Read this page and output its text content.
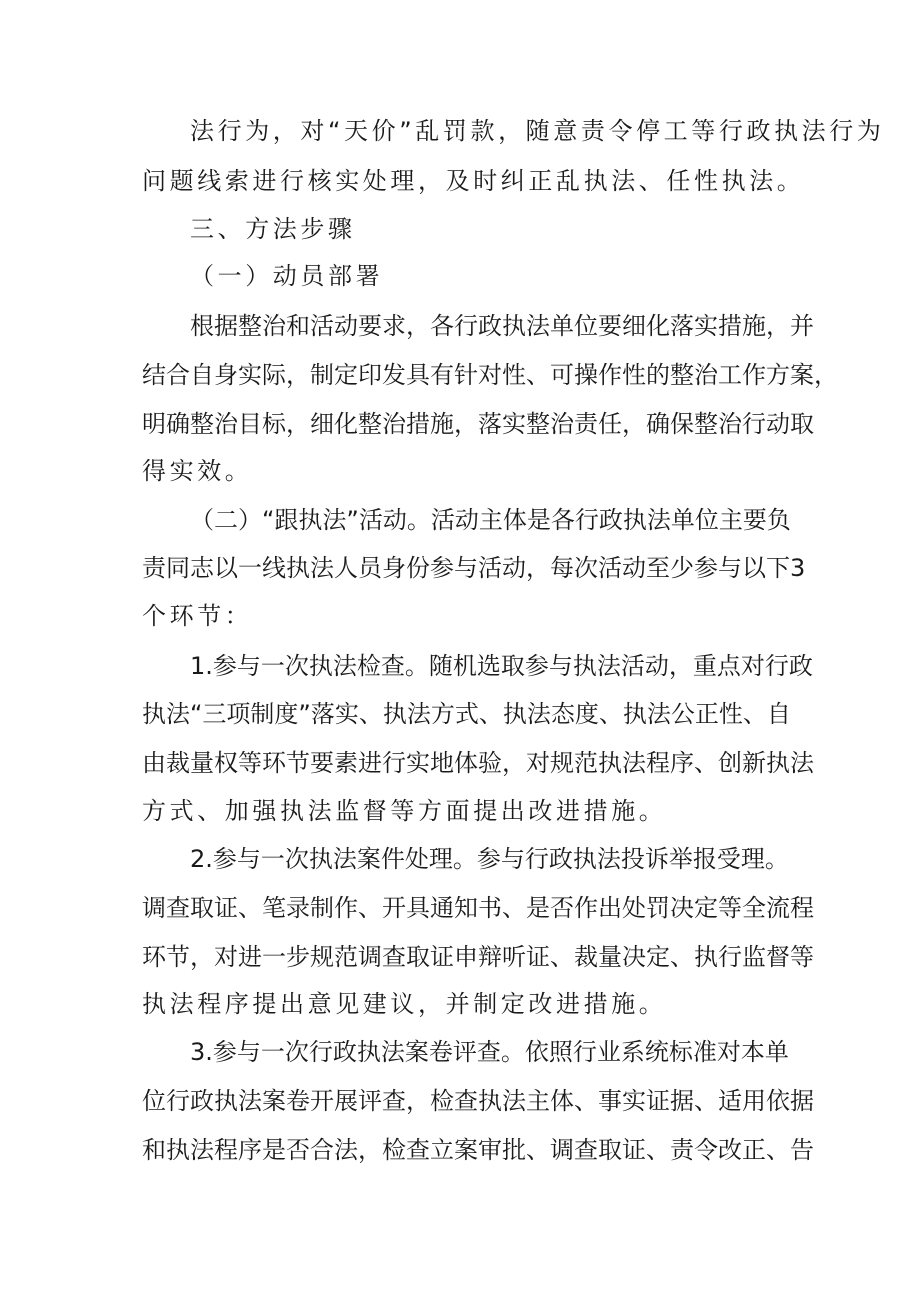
法行为，对“天价”乱罚款，随意责令停工等行政执法行为
问题线索进行核实处理，及时纠正乱执法、任性执法。
三、方法步骤
（一）动员部署
根据整治和活动要求，各行政执法单位要细化落实措施，并
结合自身实际，制定印发具有针对性、可操作性的整治工作方案，
明确整治目标，细化整治措施，落实整治责任，确保整治行动取
得实效。
（二）“跟执法”活动。活动主体是各行政执法单位主要负
责同志以一线执法人员身份参与活动，每次活动至少参与以下3
个环节：
1.参与一次执法检查。随机选取参与执法活动，重点对行政
执法“三项制度”落实、执法方式、执法态度、执法公正性、自
由裁量权等环节要素进行实地体验，对规范执法程序、创新执法
方式、加强执法监督等方面提出改进措施。
2.参与一次执法案件处理。参与行政执法投诉举报受理。
调查取证、笔录制作、开具通知书、是否作出处罚决定等全流程
环节，对进一步规范调查取证申辩听证、裁量决定、执行监督等
执法程序提出意见建议，并制定改进措施。
3.参与一次行政执法案卷评查。依照行业系统标准对本单
位行政执法案卷开展评查，检查执法主体、事实证据、适用依据
和执法程序是否合法，检查立案审批、调查取证、责令改正、告
